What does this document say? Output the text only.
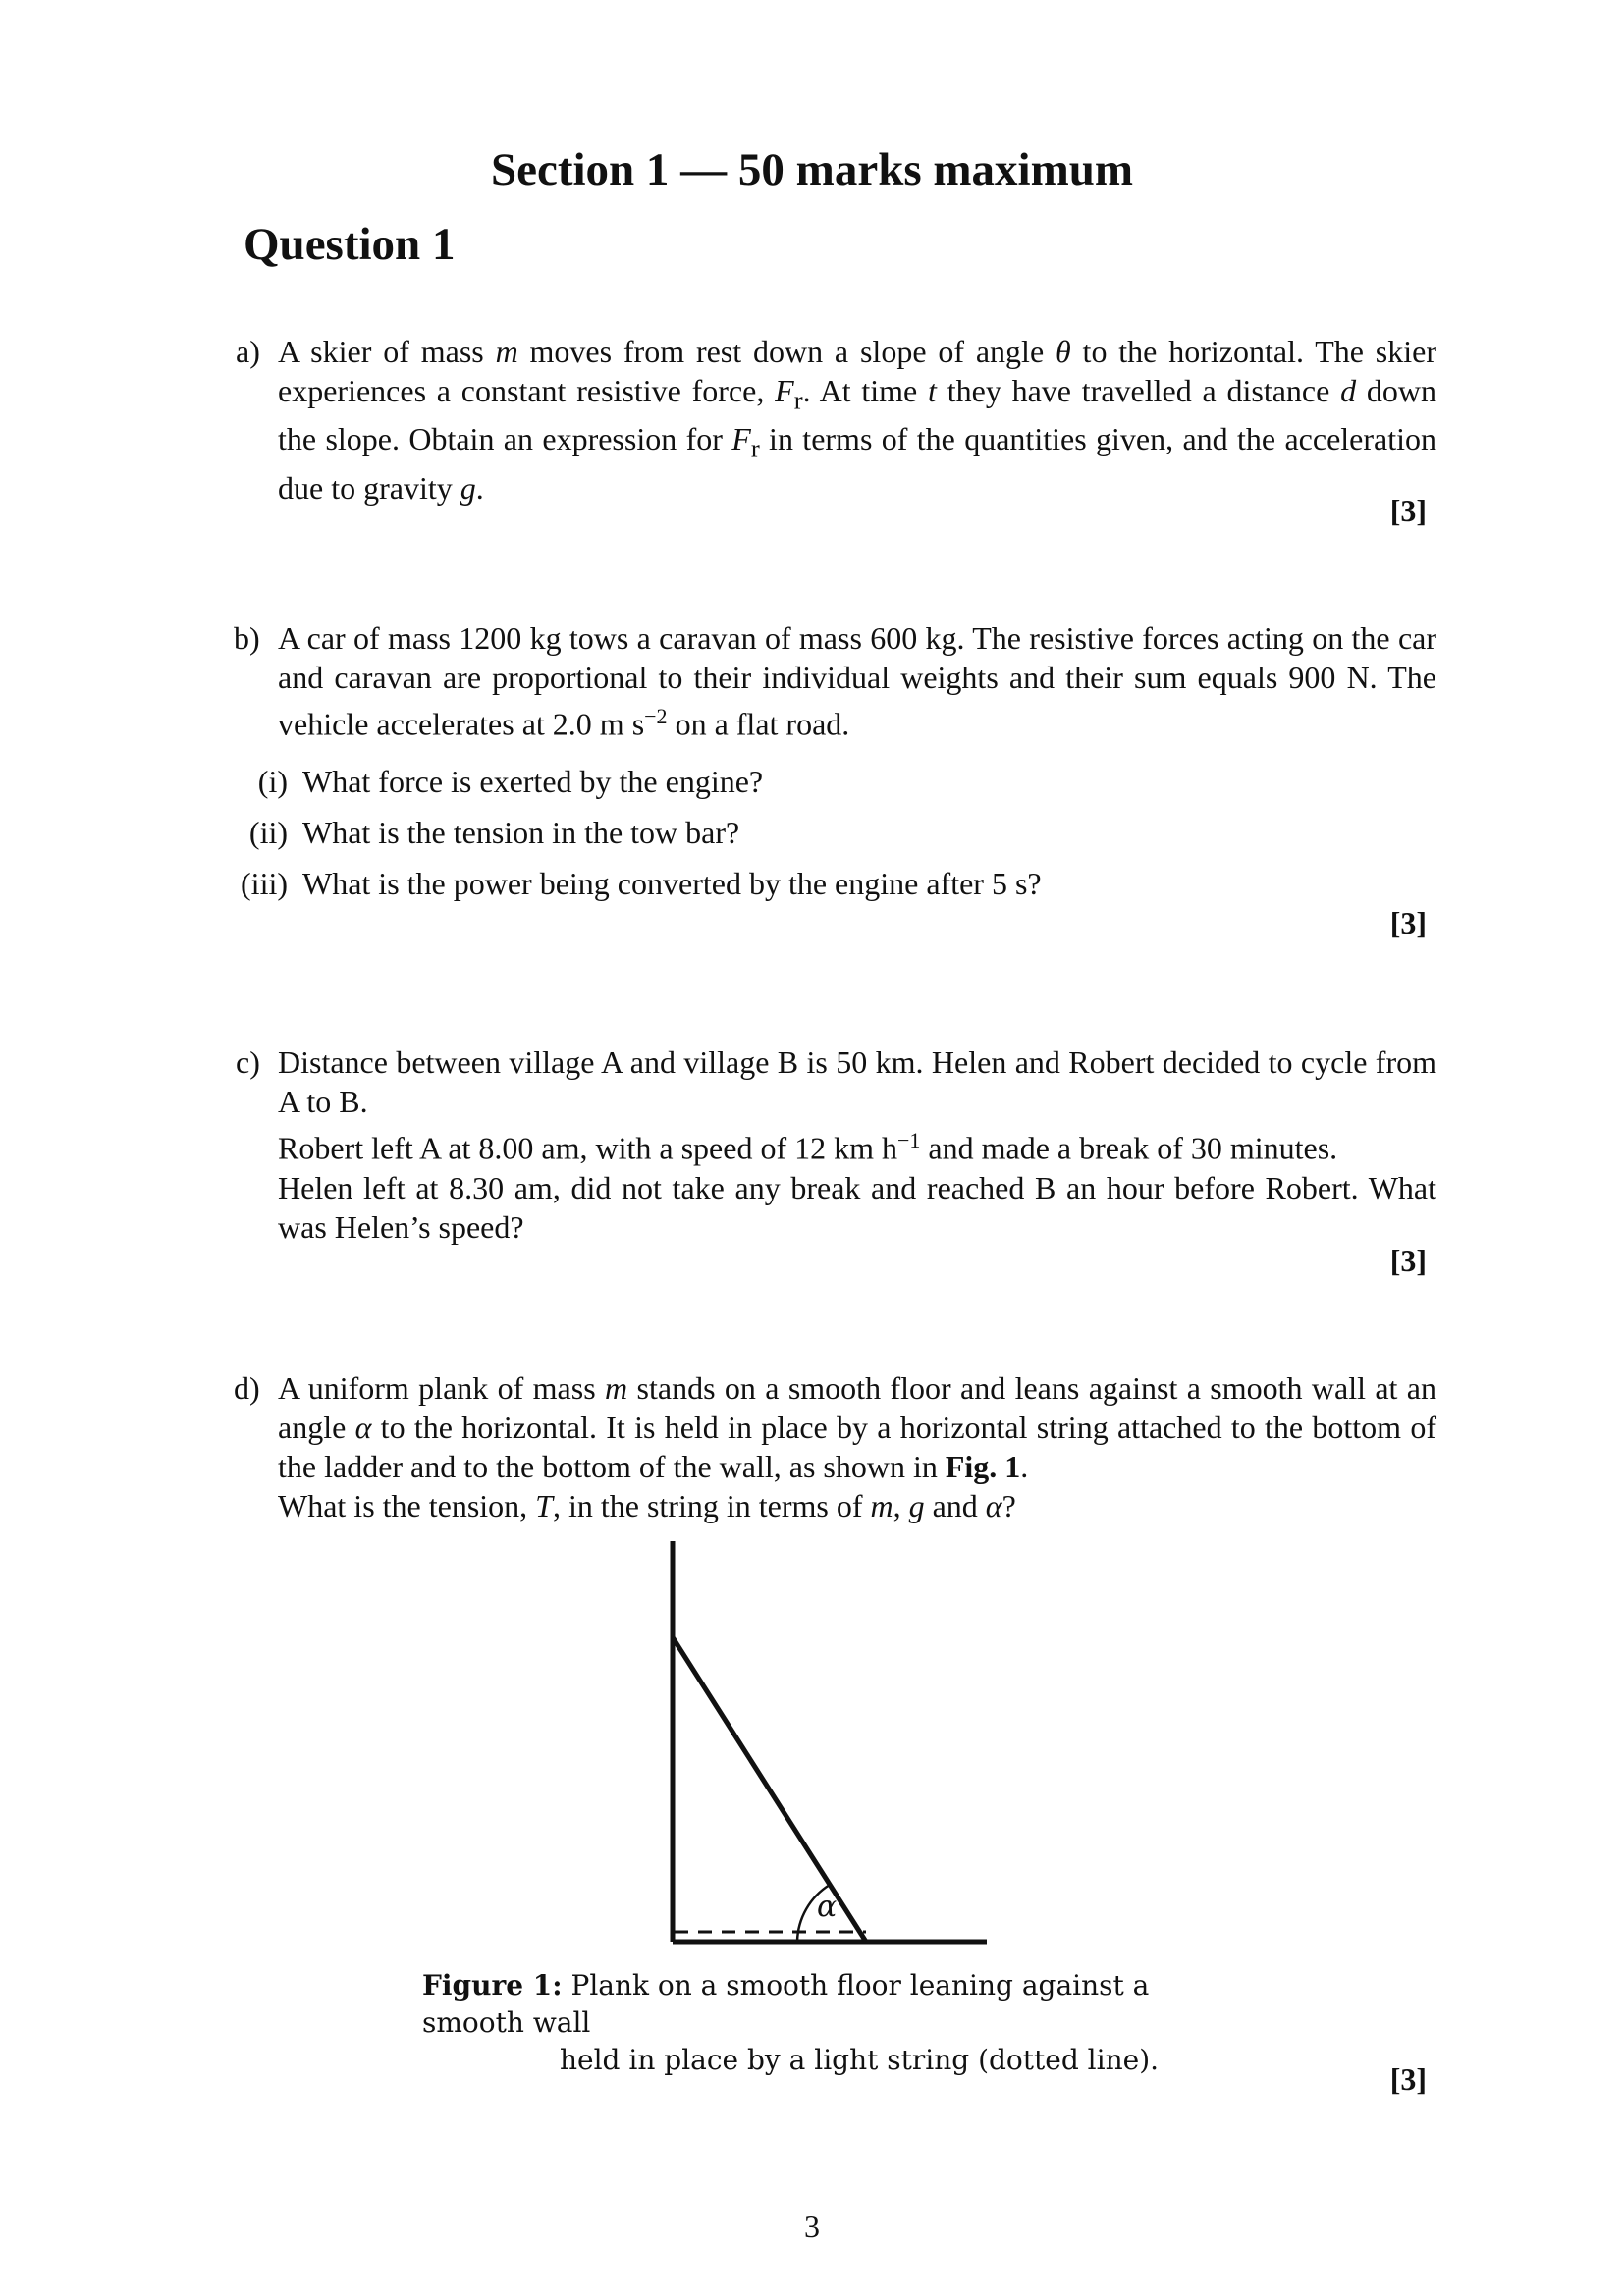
Section 1 — 50 marks maximum
Question 1
a) A skier of mass m moves from rest down a slope of angle θ to the horizontal. The skier experiences a constant resistive force, $F_r$. At time t they have travelled a distance d down the slope. Obtain an expression for $F_r$ in terms of the quantities given, and the acceleration due to gravity g.

[3]
b) A car of mass 1200 kg tows a caravan of mass 600 kg. The resistive forces acting on the car and caravan are proportional to their individual weights and their sum equals 900 N. The vehicle accelerates at 2.0 m $s^{-2}$ on a flat road.

(i) What force is exerted by the engine?
(ii) What is the tension in the tow bar?
(iii) What is the power being converted by the engine after 5 s?
[3]
c) Distance between village A and village B is 50 km. Helen and Robert decided to cycle from A to B.

Robert left A at 8.00 am, with a speed of 12 km $h^{-1}$ and made a break of 30 minutes.

Helen left at 8.30 am, did not take any break and reached B an hour before Robert. What was Helen’s speed?

[3]
d) A uniform plank of mass m stands on a smooth floor and leans against a smooth wall at an angle α to the horizontal. It is held in place by a horizontal string attached to the bottom of the ladder and to the bottom of the wall, as shown in Fig. 1.

What is the tension, T, in the string in terms of m, g and α?

α
Figure 1: Plank on a smooth floor leaning against a smooth wall
held in place by a light string (dotted line).
[3]
3
